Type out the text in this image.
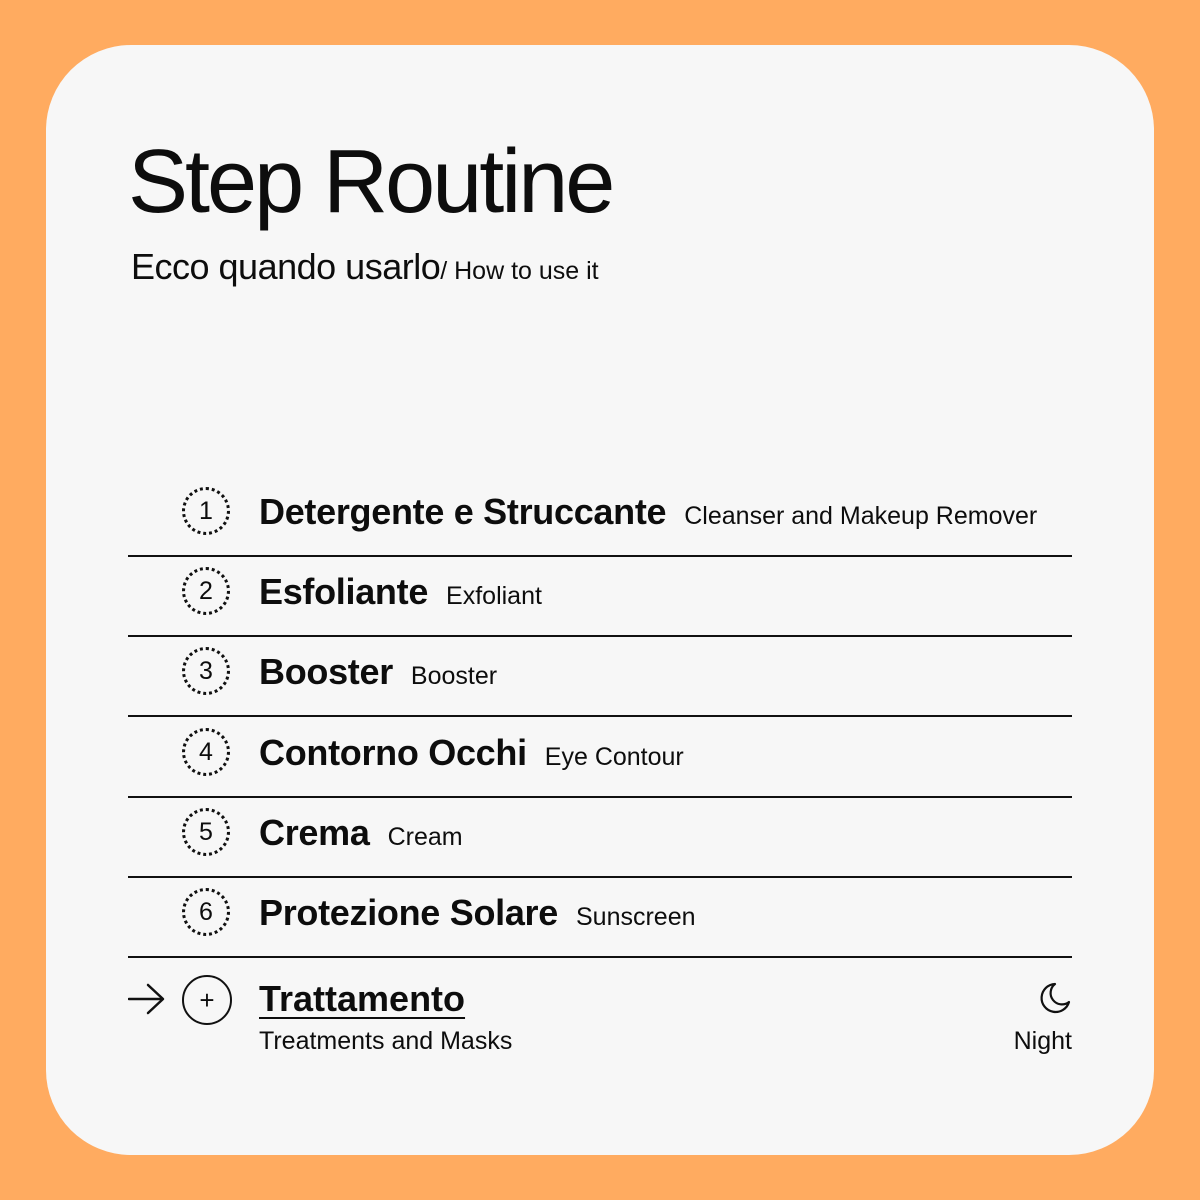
Step Routine
Ecco quando usarlo/ How to use it
1	Detergente e Struccante Cleanser and Makeup Remover
2	Esfoliante Exfoliant
3	Booster Booster
4	Contorno Occhi Eye Contour
5	Crema Cream
6	Protezione Solare Sunscreen
+	Trattamento
Treatments and Masks	Night
